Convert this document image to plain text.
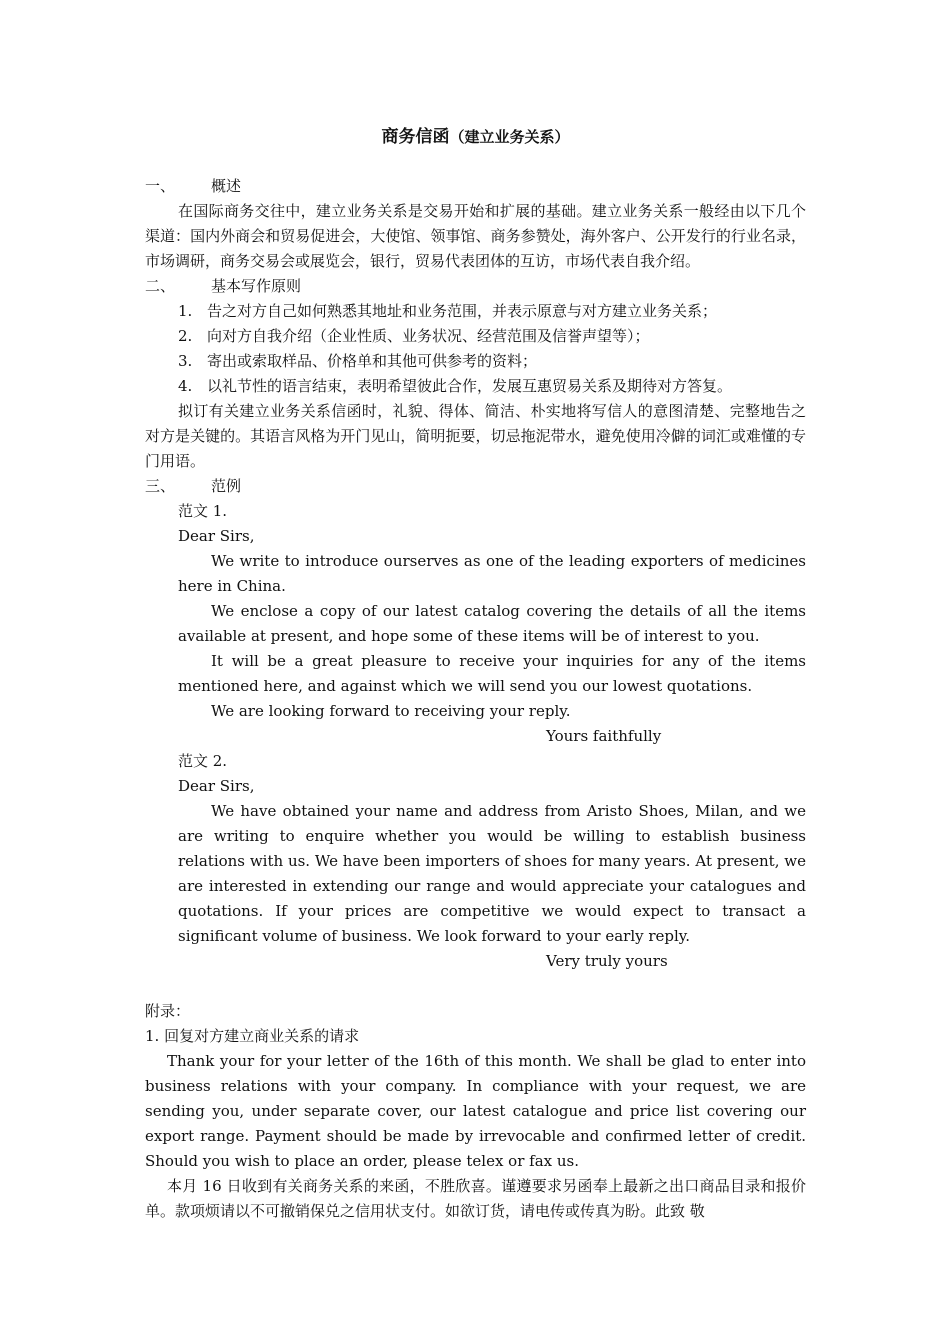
商务信函（建立业务关系）
一、 概述
在国际商务交往中，建立业务关系是交易开始和扩展的基础。建立业务关系一般经由以下几个渠道：国内外商会和贸易促进会，大使馆、领事馆、商务参赞处，海外客户、公开发行的行业名录，市场调研，商务交易会或展览会，银行，贸易代表团体的互访，市场代表自我介绍。
二、 基本写作原则
1. 告之对方自己如何熟悉其地址和业务范围，并表示原意与对方建立业务关系；
2. 向对方自我介绍（企业性质、业务状况、经营范围及信誉声望等）；
3. 寄出或索取样品、价格单和其他可供参考的资料；
4. 以礼节性的语言结束，表明希望彼此合作，发展互惠贸易关系及期待对方答复。
拟订有关建立业务关系信函时，礼貌、得体、简洁、朴实地将写信人的意图清楚、完整地告之对方是关键的。其语言风格为开门见山，简明扼要，切忌拖泥带水，避免使用冷僻的词汇或难懂的专门用语。
三、 范例
范文 1.
Dear Sirs,
We write to introduce ourserves as one of the leading exporters of medicines here in China.
We enclose a copy of our latest catalog covering the details of all the items available at present, and hope some of these items will be of interest to you.
It will be a great pleasure to receive your inquiries for any of the items mentioned here, and against which we will send you our lowest quotations.
We are looking forward to receiving your reply.
Yours faithfully
范文 2.
Dear Sirs,
We have obtained your name and address from Aristo Shoes, Milan, and we are writing to enquire whether you would be willing to establish business relations with us. We have been importers of shoes for many years. At present, we are interested in extending our range and would appreciate your catalogues and quotations. If your prices are competitive we would expect to transact a significant volume of business. We look forward to your early reply.
Very truly yours
附录：
1. 回复对方建立商业关系的请求
Thank your for your letter of the 16th of this month. We shall be glad to enter into business relations with your company. In compliance with your request, we are sending you, under separate cover, our latest catalogue and price list covering our export range. Payment should be made by irrevocable and confirmed letter of credit. Should you wish to place an order, please telex or fax us.
本月 16 日收到有关商务关系的来函，不胜欣喜。谨遵要求另函奉上最新之出口商品目录和报价单。款项烦请以不可撤销保兑之信用状支付。如欲订货，请电传或传真为盼。此致 敬
